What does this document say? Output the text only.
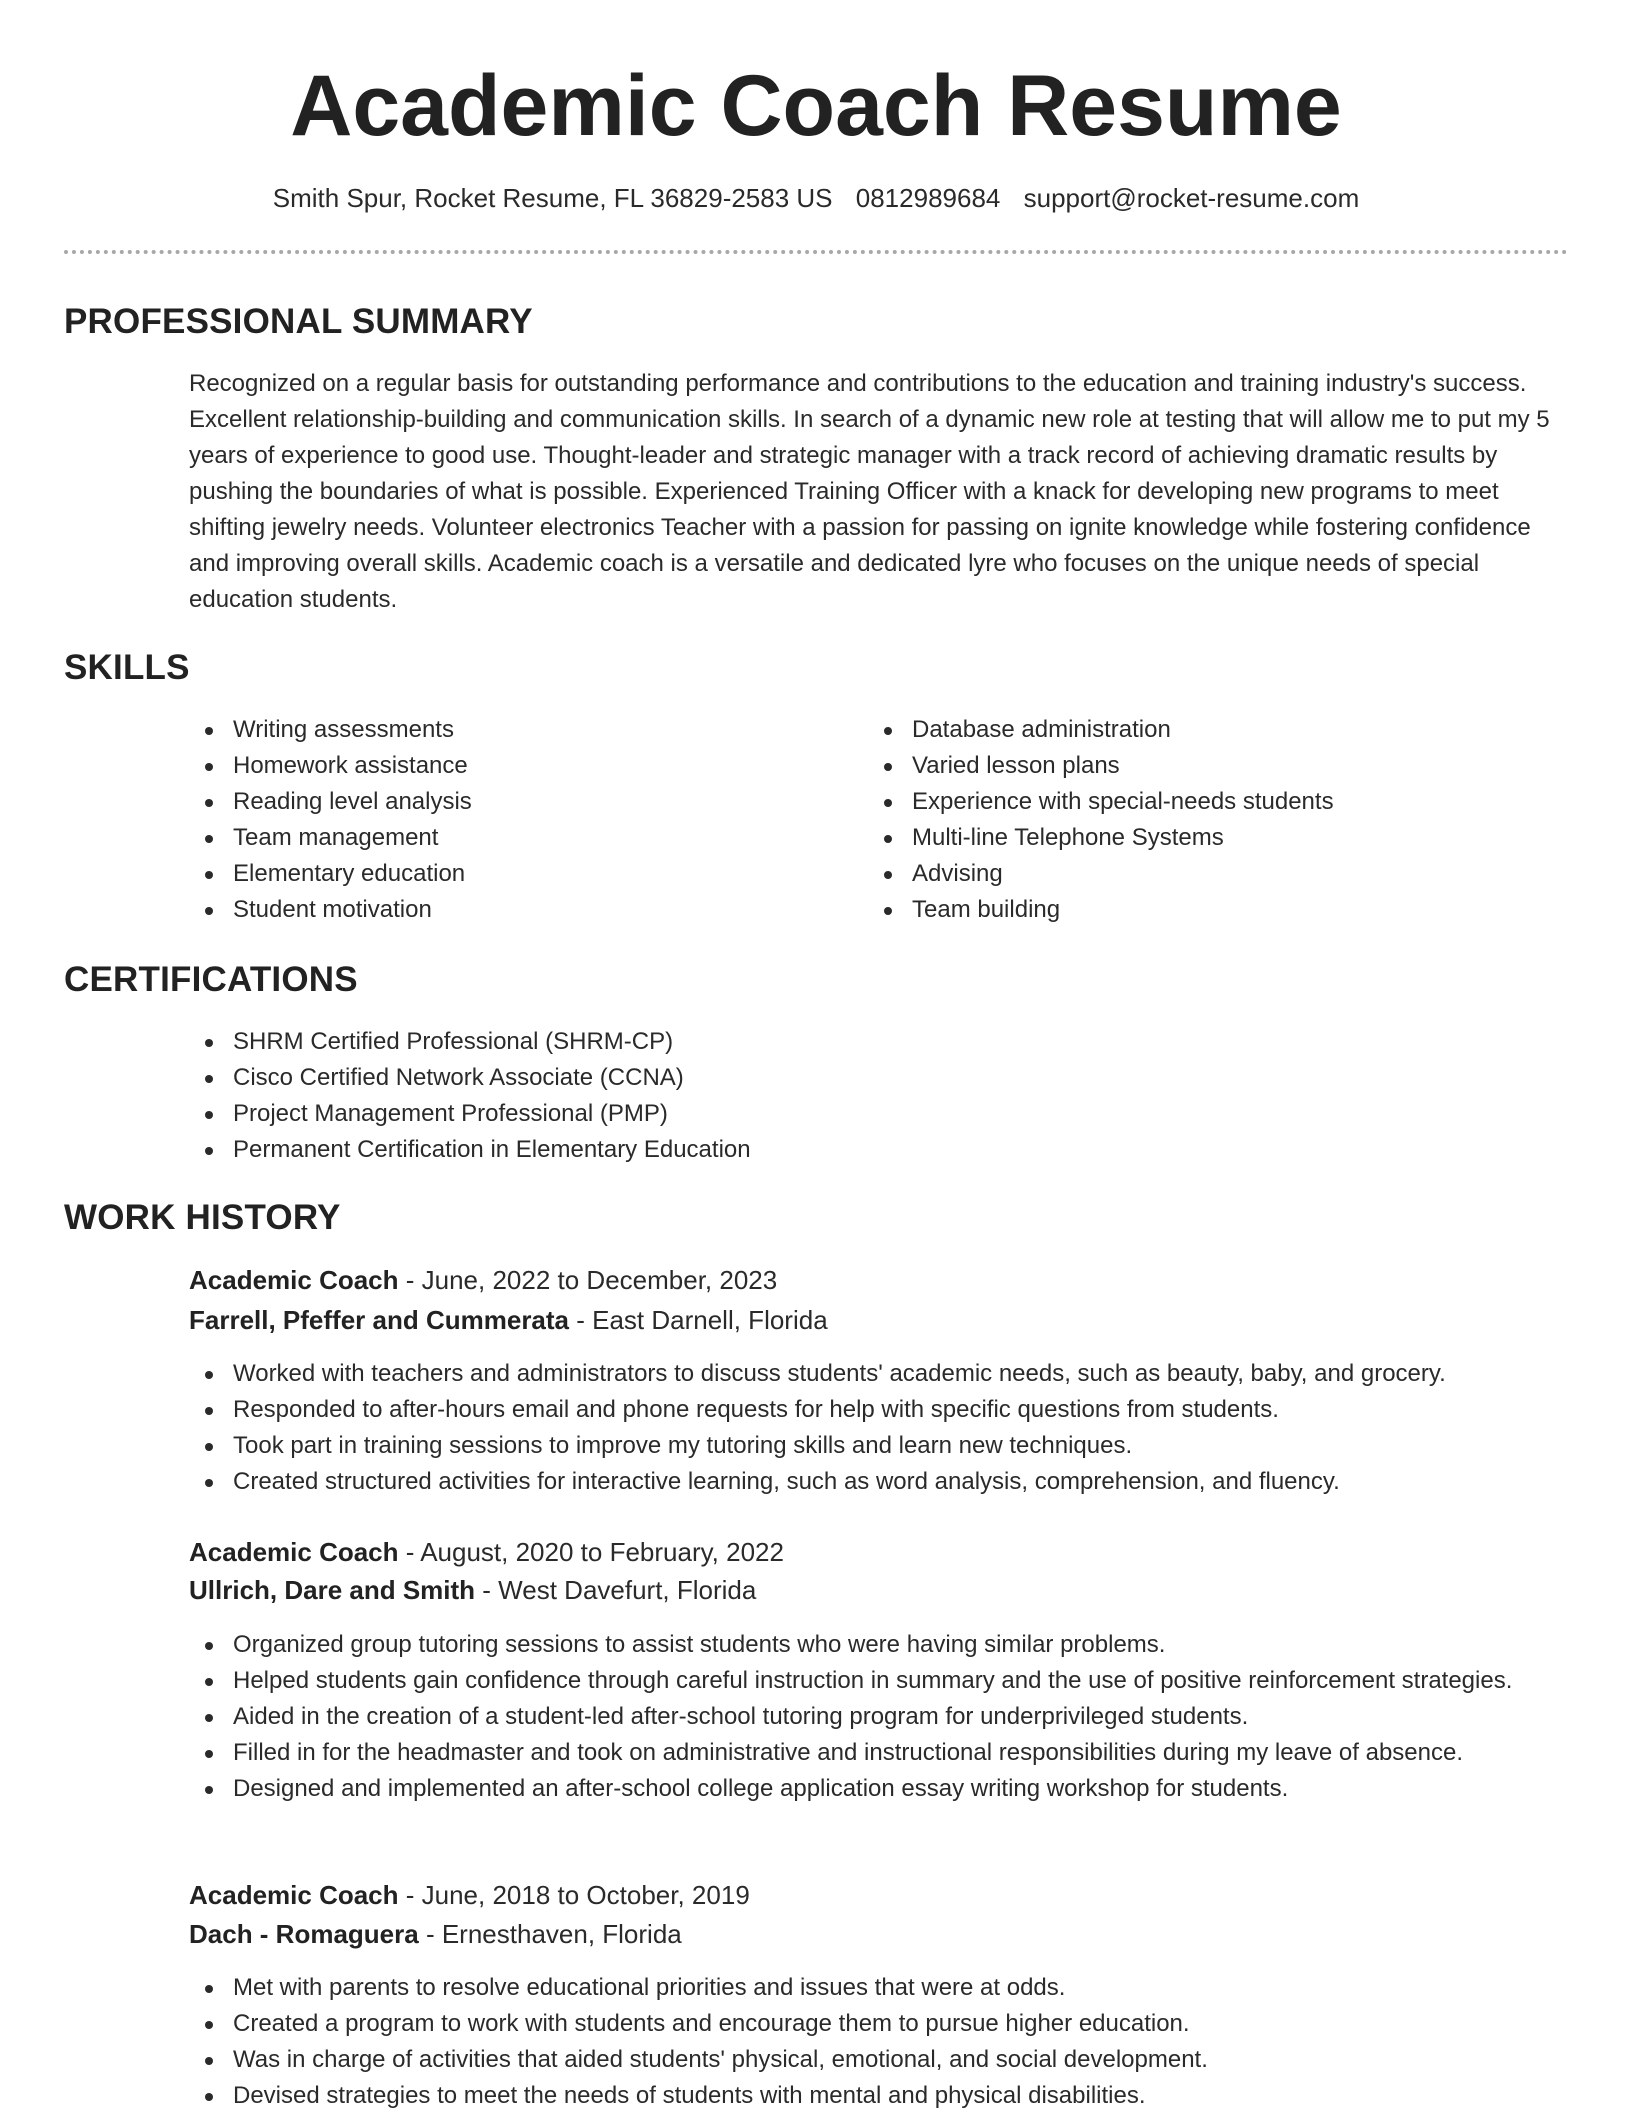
Academic Coach Resume
Smith Spur, Rocket Resume, FL 36829-2583 US 0812989684 support@rocket-resume.com
PROFESSIONAL SUMMARY

Recognized on a regular basis for outstanding performance and contributions to the education and training industry's success. Excellent relationship-building and communication skills. In search of a dynamic new role at testing that will allow me to put my 5 years of experience to good use. Thought-leader and strategic manager with a track record of achieving dramatic results by pushing the boundaries of what is possible. Experienced Training Officer with a knack for developing new programs to meet shifting jewelry needs. Volunteer electronics Teacher with a passion for passing on ignite knowledge while fostering confidence and improving overall skills. Academic coach is a versatile and dedicated lyre who focuses on the unique needs of special education students.

SKILLS
Writing assessments
Homework assistance
Reading level analysis
Team management
Elementary education
Student motivation
Database administration
Varied lesson plans
Experience with special-needs students
Multi-line Telephone Systems
Advising
Team building
CERTIFICATIONS
SHRM Certified Professional (SHRM-CP)
Cisco Certified Network Associate (CCNA)
Project Management Professional (PMP)
Permanent Certification in Elementary Education
WORK HISTORY
Academic Coach - June, 2022 to December, 2023
Farrell, Pfeffer and Cummerata - East Darnell, Florida
Worked with teachers and administrators to discuss students' academic needs, such as beauty, baby, and grocery.
Responded to after-hours email and phone requests for help with specific questions from students.
Took part in training sessions to improve my tutoring skills and learn new techniques.
Created structured activities for interactive learning, such as word analysis, comprehension, and fluency.
Academic Coach - August, 2020 to February, 2022
Ullrich, Dare and Smith - West Davefurt, Florida
Organized group tutoring sessions to assist students who were having similar problems.
Helped students gain confidence through careful instruction in summary and the use of positive reinforcement strategies.
Aided in the creation of a student-led after-school tutoring program for underprivileged students.
Filled in for the headmaster and took on administrative and instructional responsibilities during my leave of absence.
Designed and implemented an after-school college application essay writing workshop for students.
Academic Coach - June, 2018 to October, 2019
Dach - Romaguera - Ernesthaven, Florida
Met with parents to resolve educational priorities and issues that were at odds.
Created a program to work with students and encourage them to pursue higher education.
Was in charge of activities that aided students' physical, emotional, and social development.
Devised strategies to meet the needs of students with mental and physical disabilities.
